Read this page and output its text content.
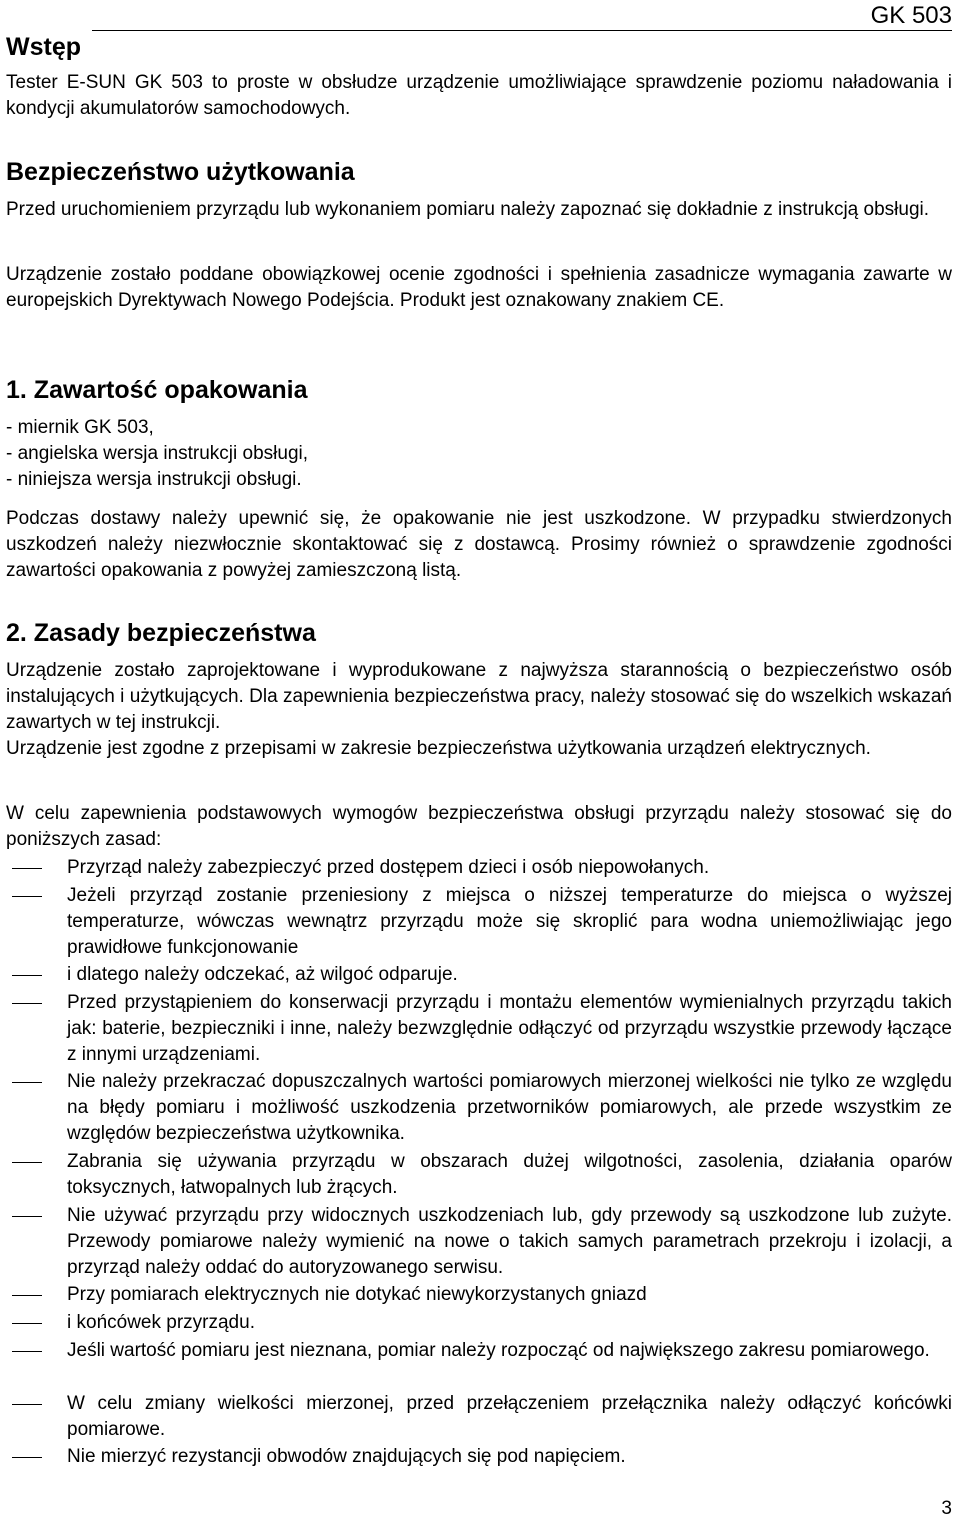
GK 503
Wstęp

Tester E-SUN GK 503 to proste w obsłudze urządzenie umożliwiające sprawdzenie poziomu naładowania i kondycji akumulatorów samochodowych.

Bezpieczeństwo użytkowania

Przed uruchomieniem przyrządu lub wykonaniem pomiaru należy zapoznać się dokładnie z instrukcją obsługi.

Urządzenie zostało poddane obowiązkowej ocenie zgodności i spełnienia zasadnicze wymagania zawarte w europejskich Dyrektywach Nowego Podejścia. Produkt jest oznakowany znakiem CE.

1. Zawartość opakowania

- miernik GK 503,

- angielska wersja instrukcji obsługi,

- niniejsza wersja instrukcji obsługi.

Podczas dostawy należy upewnić się, że opakowanie nie jest uszkodzone. W przypadku stwierdzonych uszkodzeń należy niezwłocznie skontaktować się z dostawcą. Prosimy również o sprawdzenie zgodności zawartości opakowania z powyżej zamieszczoną listą.

2. Zasady bezpieczeństwa

Urządzenie zostało zaprojektowane i wyprodukowane z najwyższa starannością o bezpieczeństwo osób instalujących i użytkujących. Dla zapewnienia bezpieczeństwa pracy, należy stosować się do wszelkich wskazań zawartych w tej instrukcji.

Urządzenie jest zgodne z przepisami w zakresie bezpieczeństwa użytkowania urządzeń elektrycznych.

W celu zapewnienia podstawowych wymogów bezpieczeństwa obsługi przyrządu należy stosować się do poniższych zasad:

Przyrząd należy zabezpieczyć przed dostępem dzieci i osób niepowołanych.
Jeżeli przyrząd zostanie przeniesiony z miejsca o niższej temperaturze do miejsca o wyższej temperaturze, wówczas wewnątrz przyrządu może się skroplić para wodna uniemożliwiając jego prawidłowe funkcjonowanie
i dlatego należy odczekać, aż wilgoć odparuje.
Przed przystąpieniem do konserwacji przyrządu i montażu elementów wymienialnych przyrządu takich jak: baterie, bezpieczniki i inne, należy bezwzględnie odłączyć od przyrządu wszystkie przewody łączące z innymi urządzeniami.
Nie należy przekraczać dopuszczalnych wartości pomiarowych mierzonej wielkości nie tylko ze względu na błędy pomiaru i możliwość uszkodzenia przetworników pomiarowych, ale przede wszystkim ze względów bezpieczeństwa użytkownika.
Zabrania się używania przyrządu w obszarach dużej wilgotności, zasolenia, działania oparów toksycznych, łatwopalnych lub żrących.
Nie używać przyrządu przy widocznych uszkodzeniach lub, gdy przewody są uszkodzone lub zużyte. Przewody pomiarowe należy wymienić na nowe o takich samych parametrach przekroju i izolacji, a przyrząd należy oddać do autoryzowanego serwisu.
Przy pomiarach elektrycznych nie dotykać niewykorzystanych gniazd
i końcówek przyrządu.
Jeśli wartość pomiaru jest nieznana, pomiar należy rozpocząć od największego zakresu pomiarowego.
W celu zmiany wielkości mierzonej, przed przełączeniem przełącznika należy odłączyć końcówki pomiarowe.
Nie mierzyć rezystancji obwodów znajdujących się pod napięciem.
3
